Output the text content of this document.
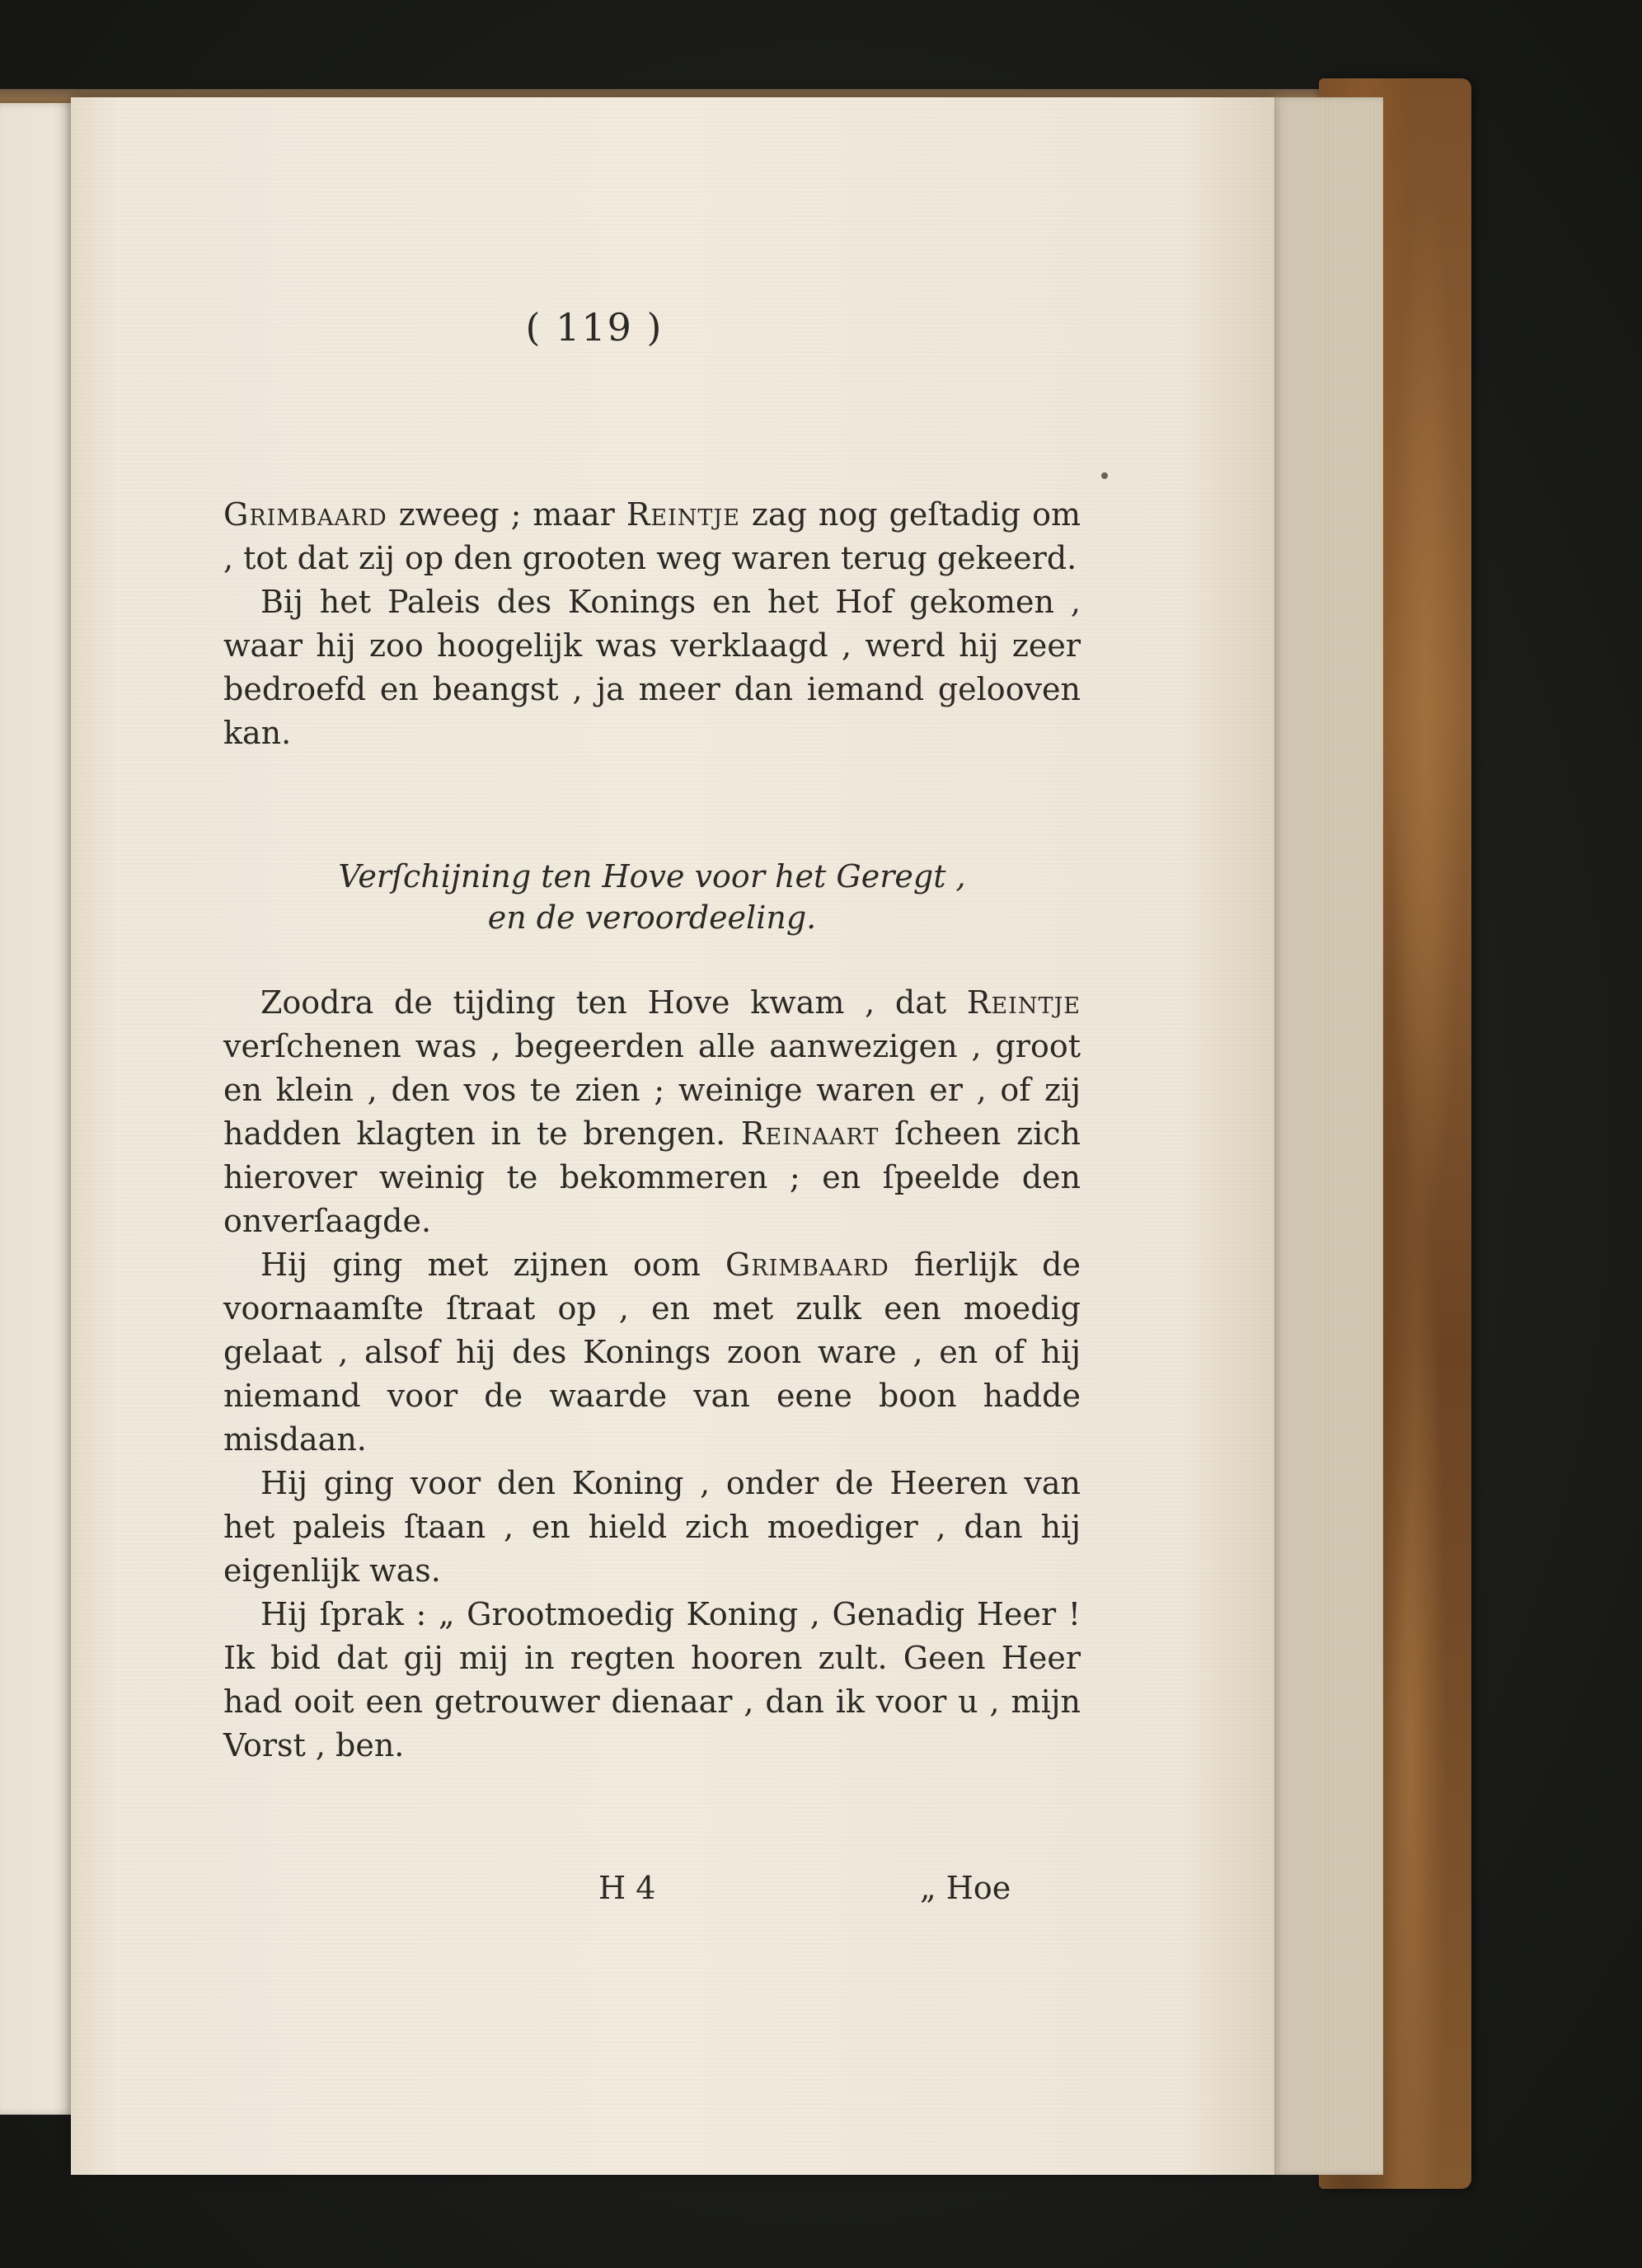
( 119 )

Grimbaard zweeg ; maar Reintje zag nog geſtadig om , tot dat zij op den grooten weg waren terug gekeerd.

Bij het Paleis des Konings en het Hof gekomen , waar hij zoo hoogelijk was verklaagd , werd hij zeer bedroefd en beangst , ja meer dan iemand gelooven kan.

Verſchijning ten Hove voor het Geregt ,
en de veroordeeling.

Zoodra de tijding ten Hove kwam , dat Reintje verſchenen was , begeerden alle aanwezigen , groot en klein , den vos te zien ; weinige waren er , of zij hadden klagten in te brengen. Reinaart ſcheen zich hierover weinig te bekommeren ; en ſpeelde den onverſaagde.

Hij ging met zijnen oom Grimbaard fierlijk de voornaamſte ſtraat op , en met zulk een moedig gelaat , alsof hij des Konings zoon ware , en of hij niemand voor de waarde van eene boon hadde misdaan.

Hij ging voor den Koning , onder de Heeren van het paleis ſtaan , en hield zich moediger , dan hij eigenlijk was.

Hij ſprak : „ Grootmoedig Koning , Genadig Heer ! Ik bid dat gij mij in regten hooren zult. Geen Heer had ooit een getrouwer dienaar , dan ik voor u , mijn Vorst , ben.

H 4	„ Hoe
